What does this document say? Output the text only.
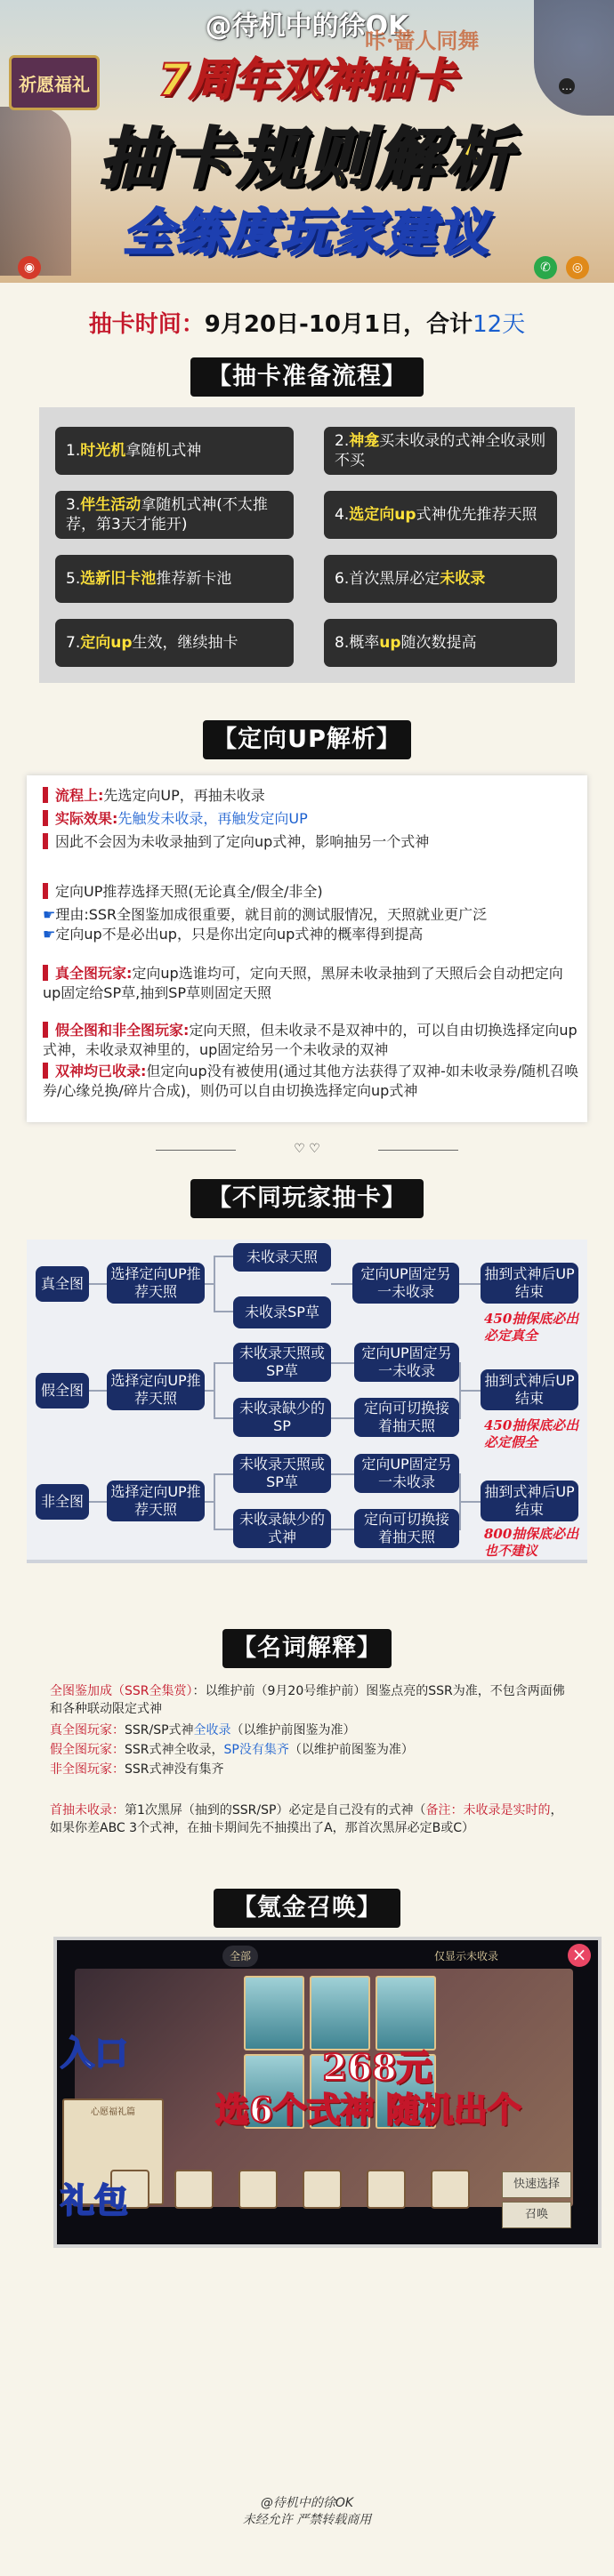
@待机中的徐OK
祈愿福礼
咔·蔷人同舞
…
7周年双神抽卡
抽卡规则解析
全练度玩家建议
◉	✆	◎
抽卡时间：9月20日-10月1日，合计12天
【抽卡准备流程】
1. 时光机 拿随机式神
2.神龛买未收录的式神全收录则不买
3.伴生活动拿随机式神(不太推荐，第3天才能开)
4.选定向up式神优先推荐天照
5. 选新旧卡池 推荐新卡池	6. 首次黑屏必定 未收录
7. 定向up 生效，继续抽卡	8. 概率 up 随次数提高
【定向UP解析】
流程上:先选定向UP，再抽未收录
实际效果:先触发未收录，再触发定向UP
因此不会因为未收录抽到了定向up式神，影响抽另一个式神
定向UP推荐选择天照(无论真全/假全/非全)
☛理由:SSR全图鉴加成很重要，就目前的测试服情况，天照就业更广泛
☛定向up不是必出up，只是你出定向up式神的概率得到提高
真全图玩家:定向up选谁均可，定向天照，黑屏未收录抽到了天照后会自动把定向up固定给SP草,抽到SP草则固定天照
假全图和非全图玩家:定向天照，但未收录不是双神中的，可以自由切换选择定向up式神，未收录双神里的，up固定给另一个未收录的双神
双神均已收录:但定向up没有被使用(通过其他方法获得了双神-如未收录券/随机召唤券/心缘兑换/碎片合成)，则仍可以自由切换选择定向up式神
♡ ♡
【不同玩家抽卡】
真全图
选择定向UP推荐天照
未收录天照
未收录SP草
定向UP固定另一未收录
抽到式神后UP结束
450抽保底必出必定真全
假全图
选择定向UP推荐天照
未收录天照或SP草
未收录缺少的SP
定向UP固定另一未收录
定向可切换接着抽天照
抽到式神后UP结束
450抽保底必出必定假全
非全图
选择定向UP推荐天照
未收录天照或SP草
未收录缺少的式神
定向UP固定另一未收录
定向可切换接着抽天照
抽到式神后UP结束
800抽保底必出也不建议
【名词解释】
全图鉴加成（SSR全集赏）：以维护前（9月20号维护前）图鉴点亮的SSR为准，不包含两面佛和各种联动限定式神
真全图玩家：SSR/SP式神全收录（以维护前图鉴为准）
假全图玩家：SSR式神全收录，SP没有集齐（以维护前图鉴为准）
非全图玩家：SSR式神没有集齐
首抽未收录：第1次黑屏（抽到的SSR/SP）必定是自己没有的式神（备注：未收录是实时的，如果你差ABC 3个式神，在抽卡期间先不抽摸出了A，那首次黑屏必定B或C）
【氪金召唤】
全部	仅显示未收录	×
心愿福礼篇
快速选择
召唤
268元
选6个式神 随机出个
入口
礼包
@待机中的徐OK
未经允许 严禁转载商用
